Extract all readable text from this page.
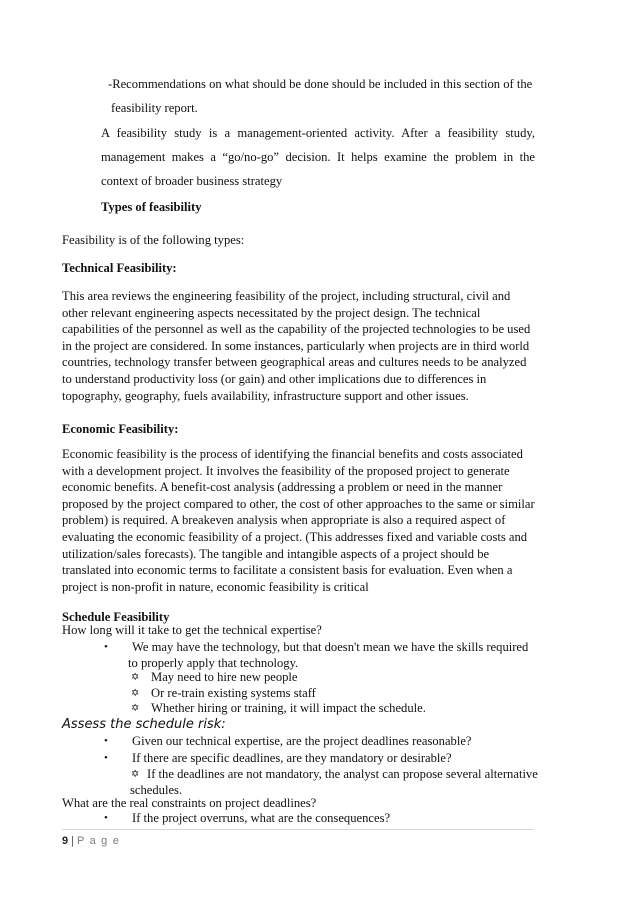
-Recommendations on what should be done should be included in this section of the
feasibility report.
A feasibility study is a management-oriented activity. After a feasibility study,
management makes a “go/no-go” decision. It helps examine the problem in the
context of broader business strategy
Types of feasibility
Feasibility is of the following types:
Technical Feasibility:
This area reviews the engineering feasibility of the project, including structural, civil and
other relevant engineering aspects necessitated by the project design. The technical
capabilities of the personnel as well as the capability of the projected technologies to be used
in the project are considered. In some instances, particularly when projects are in third world
countries, technology transfer between geographical areas and cultures needs to be analyzed
to understand productivity loss (or gain) and other implications due to differences in
topography, geography, fuels availability, infrastructure support and other issues.
Economic Feasibility:
Economic feasibility is the process of identifying the financial benefits and costs associated
with a development project. It involves the feasibility of the proposed project to generate
economic benefits. A benefit-cost analysis (addressing a problem or need in the manner
proposed by the project compared to other, the cost of other approaches to the same or similar
problem) is required. A breakeven analysis when appropriate is also a required aspect of
evaluating the economic feasibility of a project. (This addresses fixed and variable costs and
utilization/sales forecasts). The tangible and intangible aspects of a project should be
translated into economic terms to facilitate a consistent basis for evaluation. Even when a
project is non-profit in nature, economic feasibility is critical
Schedule Feasibility
How long will it take to get the technical expertise?
•	We may have the technology, but that doesn't mean we have the skills required
to properly apply that technology.
✡ May need to hire new people
✡ Or re-train existing systems staff
✡ Whether hiring or training, it will impact the schedule.
Assess the schedule risk:
•	Given our technical expertise, are the project deadlines reasonable?
•	If there are specific deadlines, are they mandatory or desirable?
✡ If the deadlines are not mandatory, the analyst can propose several alternative
schedules.
What are the real constraints on project deadlines?
•	If the project overruns, what are the consequences?
9 | P a g e
